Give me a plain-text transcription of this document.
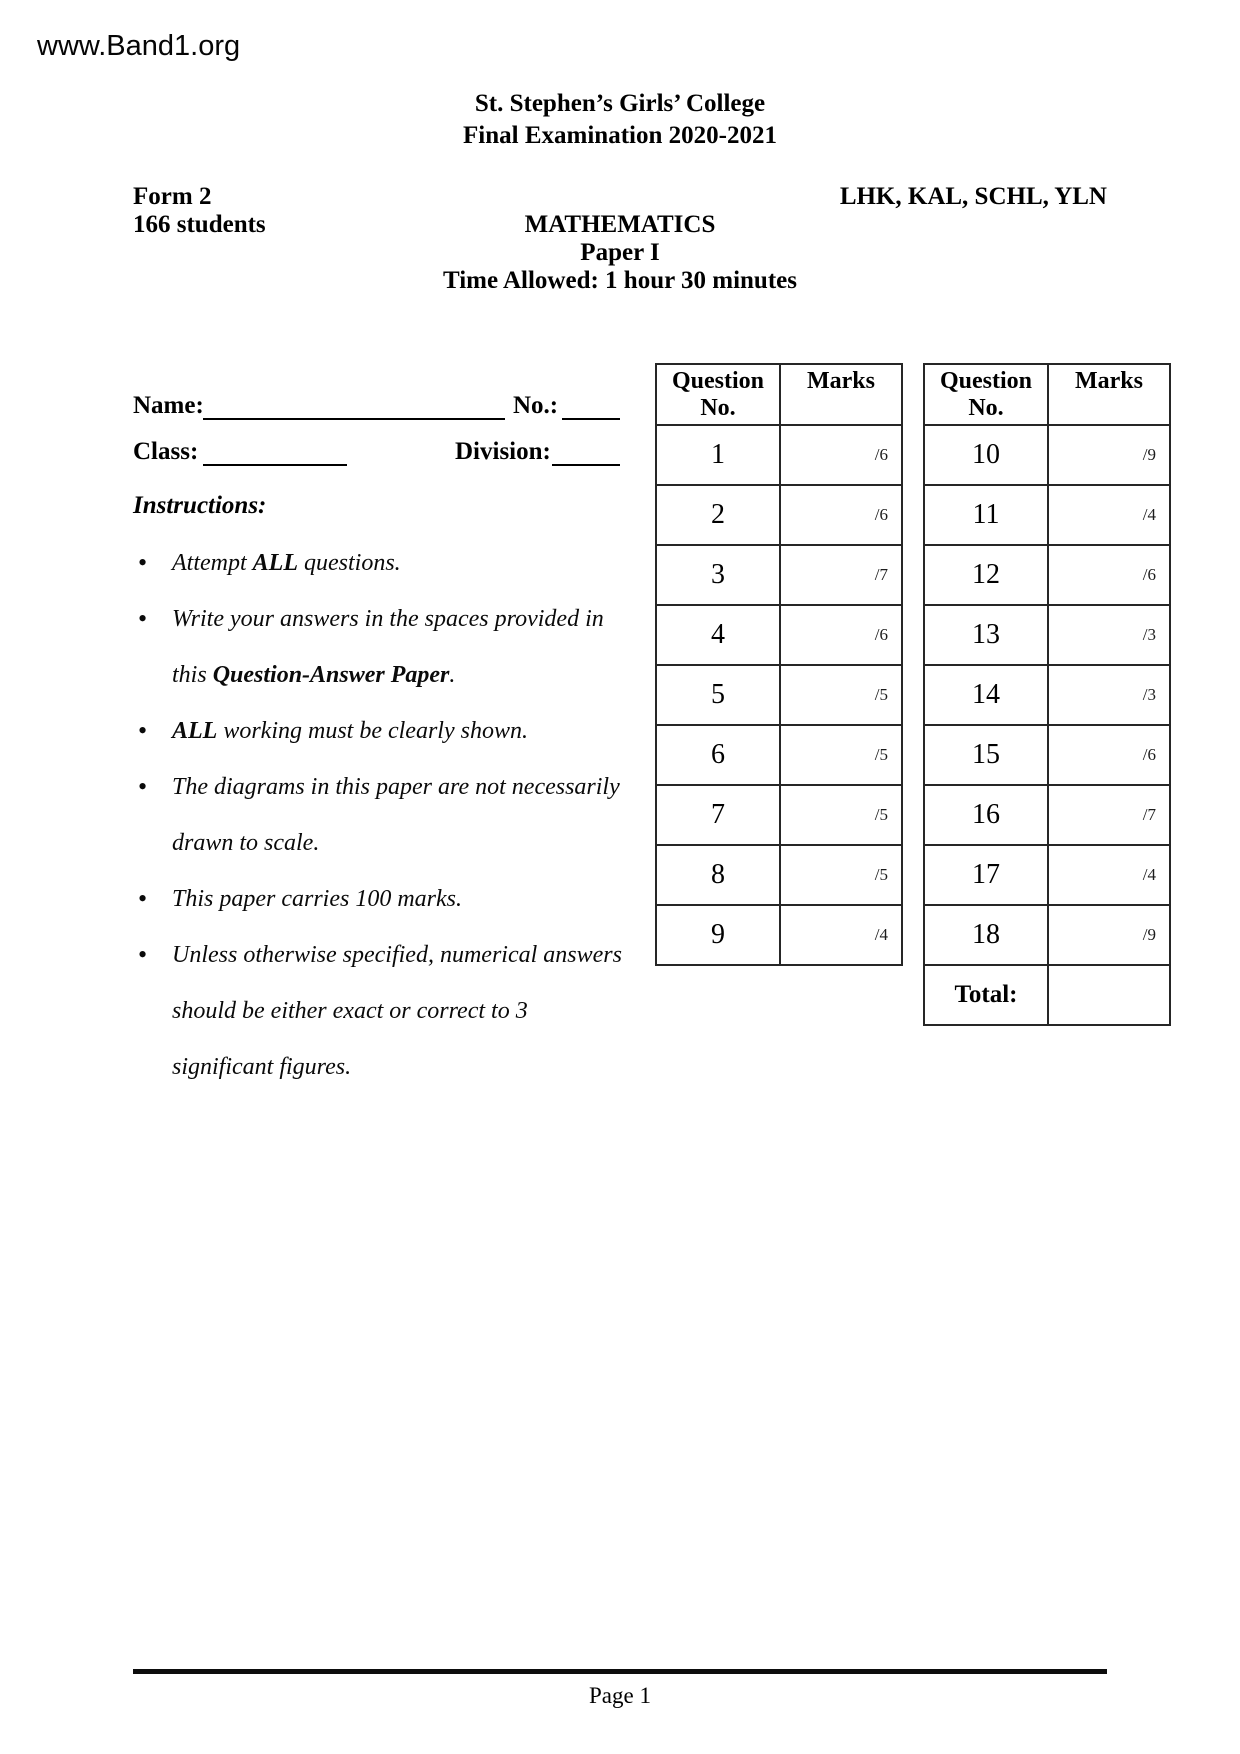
www.Band1.org
St. Stephen’s Girls’ College
Final Examination 2020-2021
Form 2
166 students
LHK, KAL, SCHL, YLN
MATHEMATICS
Paper I
Time Allowed: 1 hour 30 minutes
Name:	No.:
Class:	Division:
Instructions:
• Attempt ALL questions.
• Write your answers in the spaces provided in
this Question-Answer Paper.
• ALL working must be clearly shown.
• The diagrams in this paper are not necessarily
drawn to scale.
• This paper carries 100 marks.
• Unless otherwise specified, numerical answers
should be either exact or correct to 3
significant figures.
Question
No.	Marks

1	/6
2	/6
3	/7
4	/6
5	/5
6	/5
7	/5
8	/5
9	/4
Question
No.	Marks

10	/9
11	/4
12	/6
13	/3
14	/3
15	/6
16	/7
17	/4
18	/9
Total:	
Page 1
